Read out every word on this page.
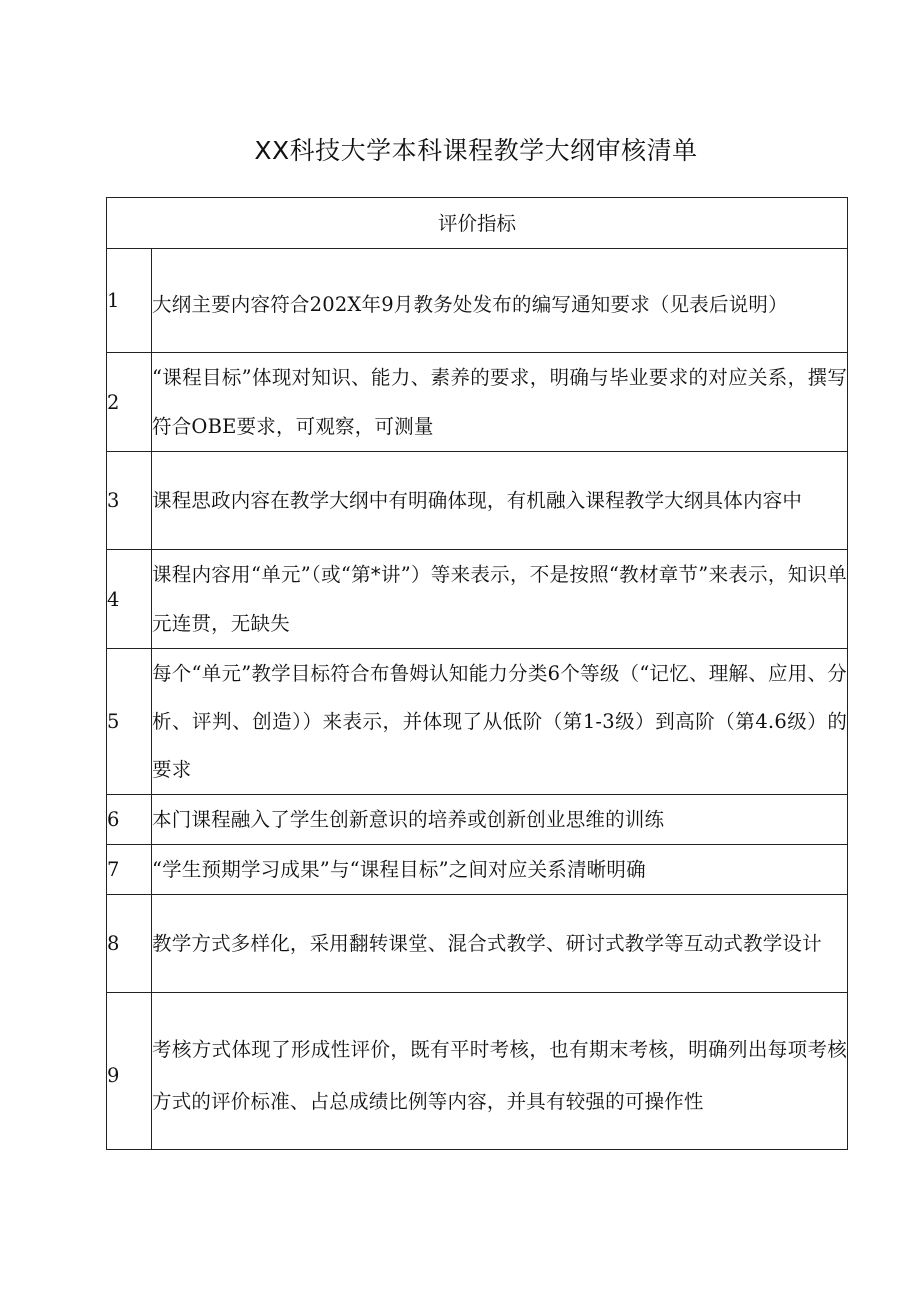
XX科技大学本科课程教学大纲审核清单
评价指标	
1	大纲主要内容符合202X年9月教务处发布的编写通知要求（见表后说明）
2	“课程目标”体现对知识、能力、素养的要求，明确与毕业要求的对应关系，撰写符合OBE要求，可观察，可测量
3	课程思政内容在教学大纲中有明确体现，有机融入课程教学大纲具体内容中
4	课程内容用“单元”（或“第*讲”）等来表示，不是按照“教材章节”来表示，知识单元连贯，无缺失
5	每个“单元”教学目标符合布鲁姆认知能力分类6个等级（“记忆、理解、应用、分析、评判、创造））来表示，并体现了从低阶（第1-3级）到高阶（第4.6级）的要求
6	本门课程融入了学生创新意识的培养或创新创业思维的训练
7	“学生预期学习成果”与“课程目标”之间对应关系清晰明确
8	教学方式多样化，采用翻转课堂、混合式教学、研讨式教学等互动式教学设计
9	考核方式体现了形成性评价，既有平时考核，也有期末考核，明确列出每项考核方式的评价标准、占总成绩比例等内容，并具有较强的可操作性
